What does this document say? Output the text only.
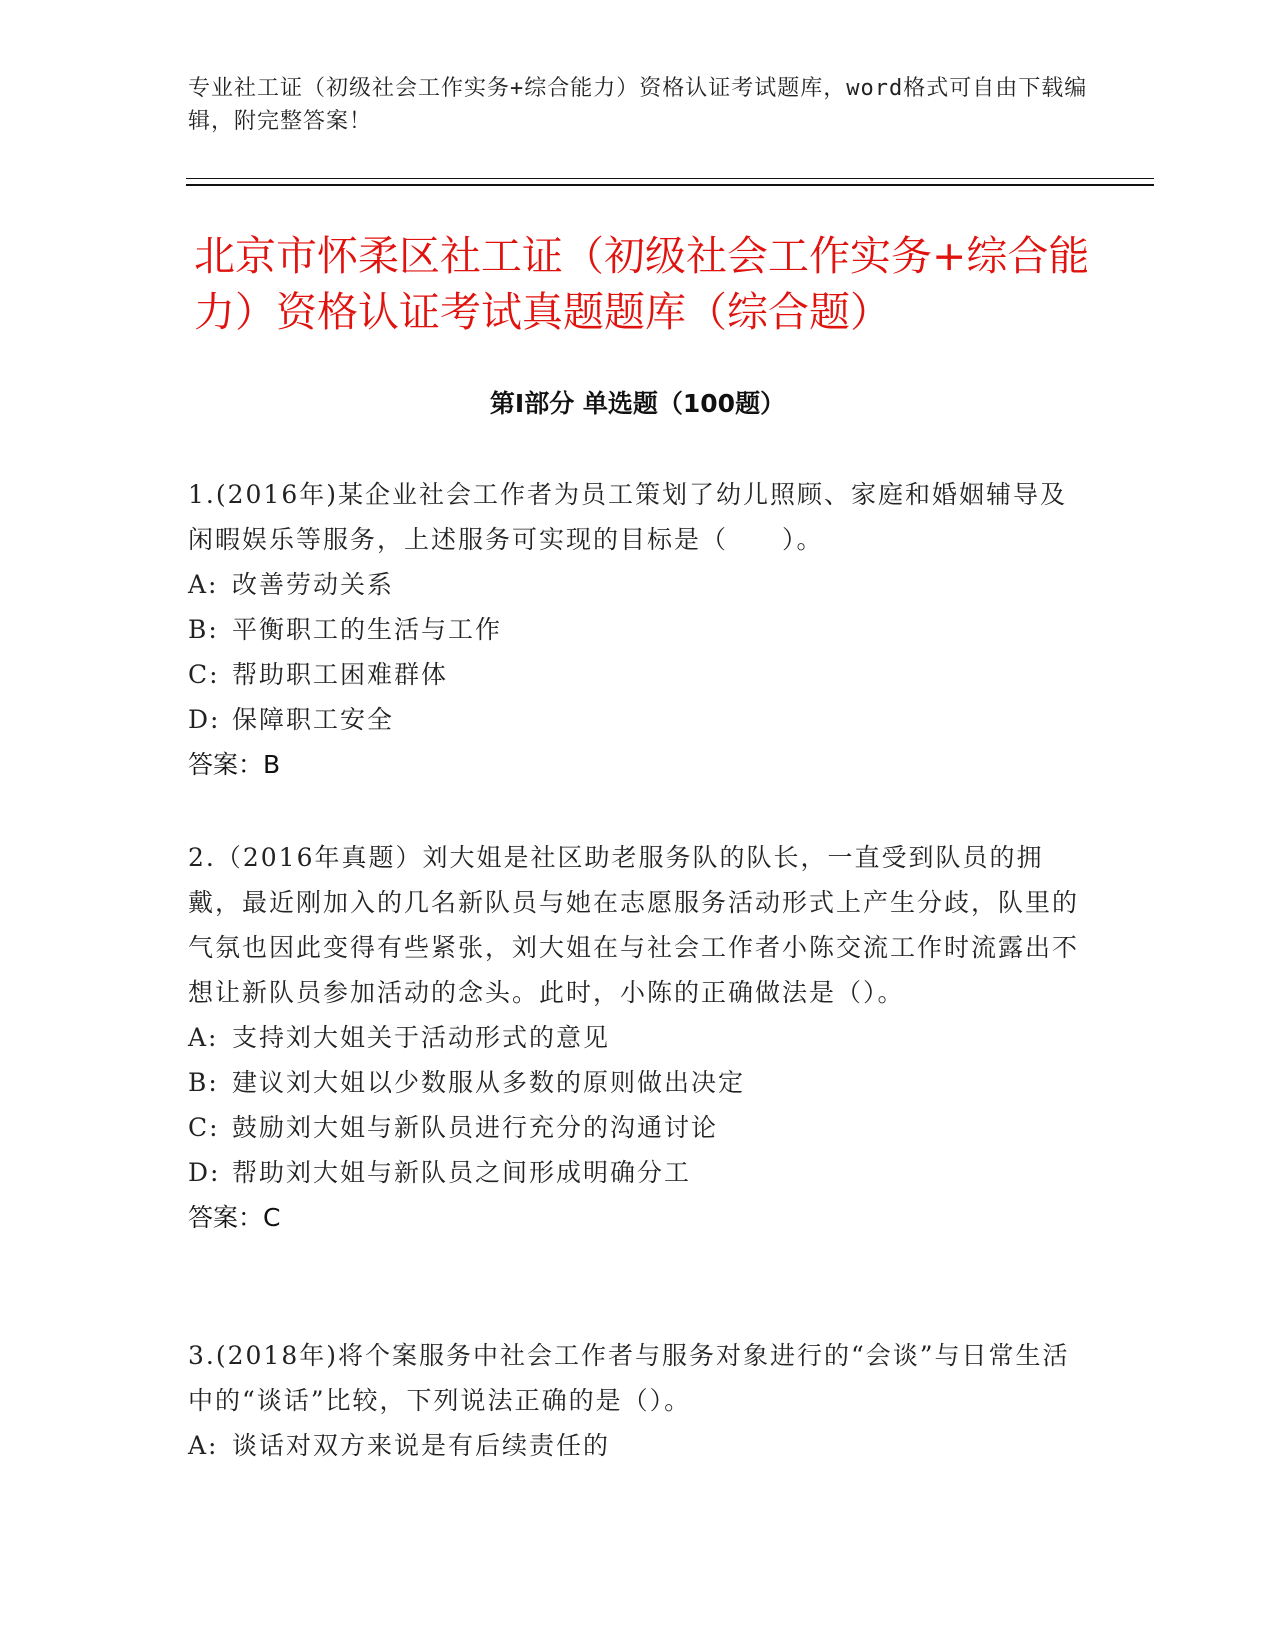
专业社工证（初级社会工作实务+综合能力）资格认证考试题库，word格式可自由下载编辑，附完整答案！
北京市怀柔区社工证（初级社会工作实务+综合能力）资格认证考试真题题库（综合题）
第Ⅰ部分 单选题（100题）

1.(2016年)某企业社会工作者为员工策划了幼儿照顾、家庭和婚姻辅导及闲暇娱乐等服务，上述服务可实现的目标是（　　）。

A: 改善劳动关系

B: 平衡职工的生活与工作

C: 帮助职工困难群体

D: 保障职工安全

答案：B

2.（2016年真题）刘大姐是社区助老服务队的队长，一直受到队员的拥戴，最近刚加入的几名新队员与她在志愿服务活动形式上产生分歧，队里的气氛也因此变得有些紧张，刘大姐在与社会工作者小陈交流工作时流露出不想让新队员参加活动的念头。此时，小陈的正确做法是（）。

A: 支持刘大姐关于活动形式的意见

B: 建议刘大姐以少数服从多数的原则做出决定

C: 鼓励刘大姐与新队员进行充分的沟通讨论

D: 帮助刘大姐与新队员之间形成明确分工

答案：C

3.(2018年)将个案服务中社会工作者与服务对象进行的“会谈”与日常生活中的“谈话”比较，下列说法正确的是（）。

A: 谈话对双方来说是有后续责任的
